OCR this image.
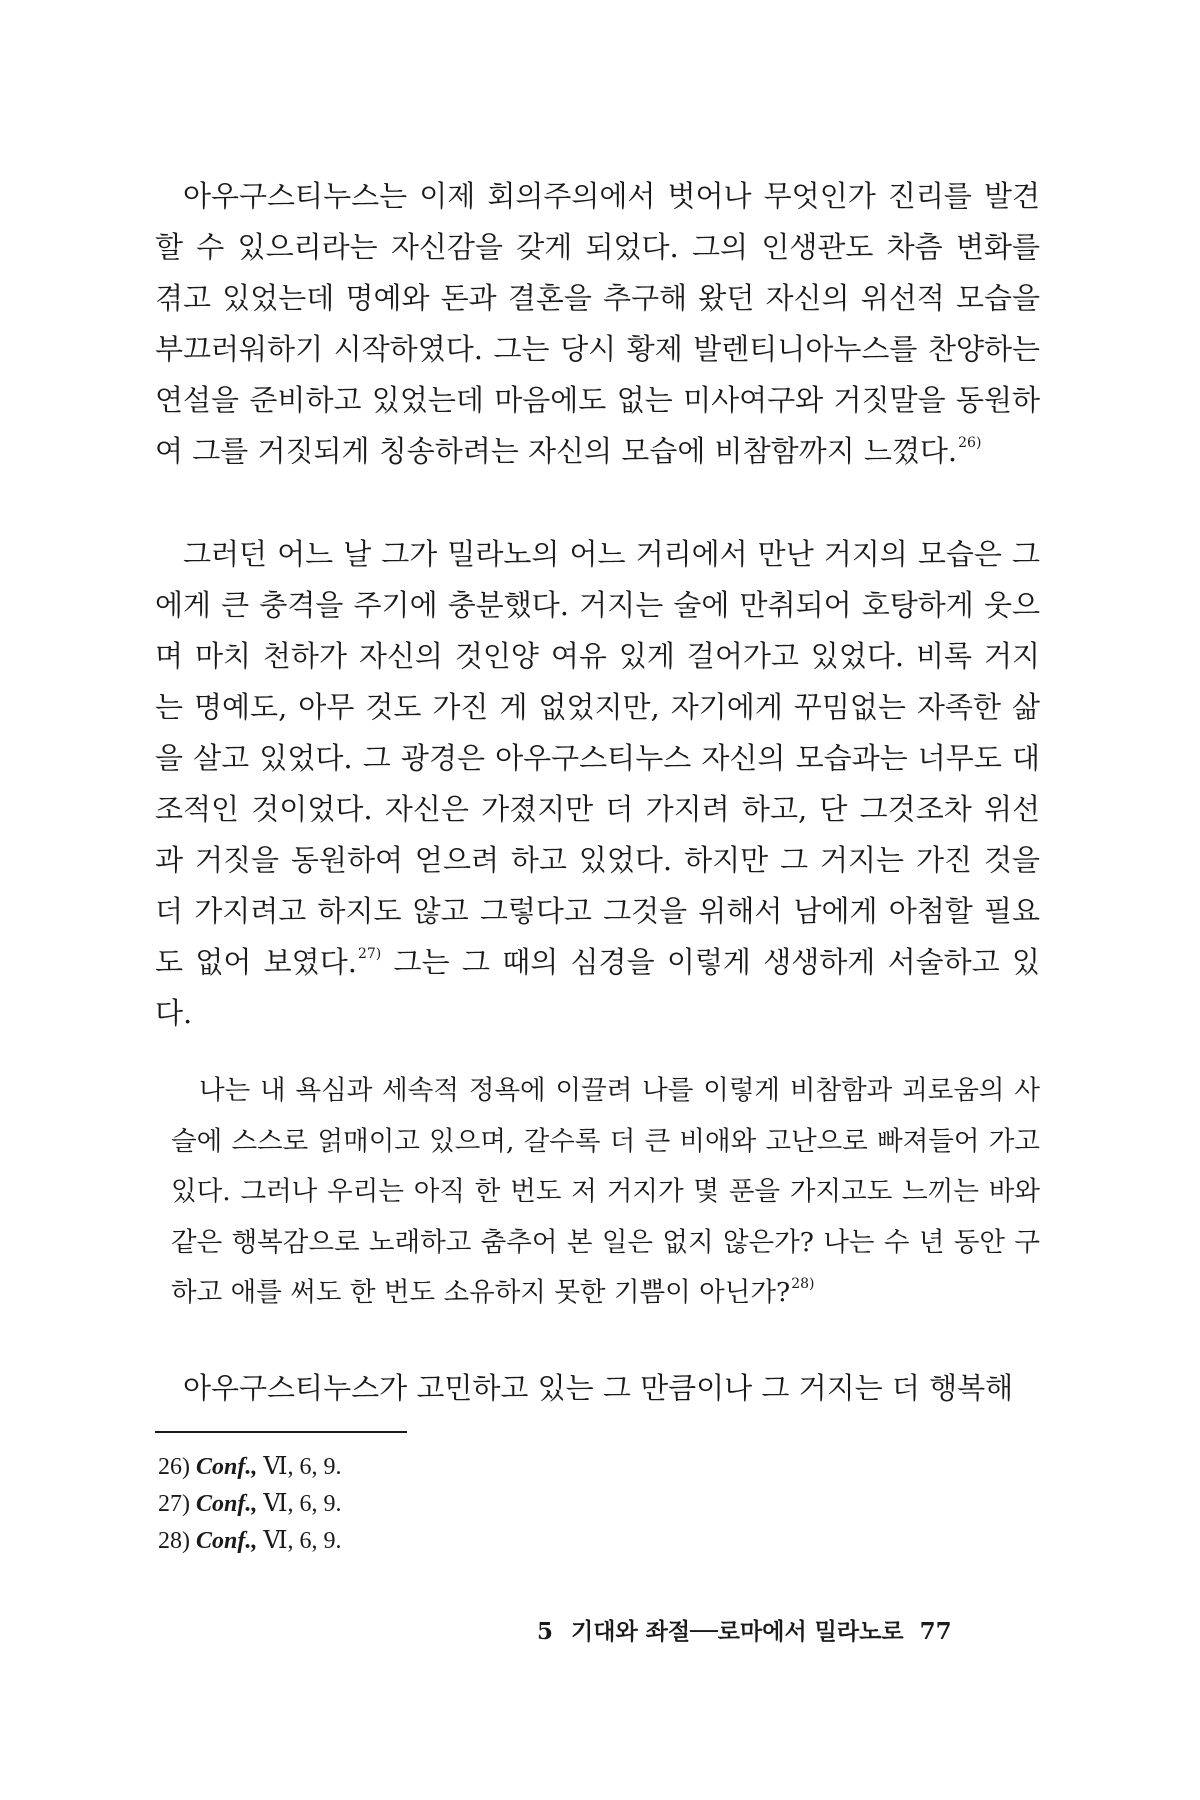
아우구스티누스는 이제 회의주의에서 벗어나 무엇인가 진리를 발견할 수 있으리라는 자신감을 갖게 되었다. 그의 인생관도 차츰 변화를 겪고 있었는데 명예와 돈과 결혼을 추구해 왔던 자신의 위선적 모습을 부끄러워하기 시작하였다. 그는 당시 황제 발렌티니아누스를 찬양하는 연설을 준비하고 있었는데 마음에도 없는 미사여구와 거짓말을 동원하여 그를 거짓되게 칭송하려는 자신의 모습에 비참함까지 느꼈다.$^{26)}$

그러던 어느 날 그가 밀라노의 어느 거리에서 만난 거지의 모습은 그에게 큰 충격을 주기에 충분했다. 거지는 술에 만취되어 호탕하게 웃으며 마치 천하가 자신의 것인양 여유 있게 걸어가고 있었다. 비록 거지는 명예도, 아무 것도 가진 게 없었지만, 자기에게 꾸밈없는 자족한 삶을 살고 있었다. 그 광경은 아우구스티누스 자신의 모습과는 너무도 대조적인 것이었다. 자신은 가졌지만 더 가지려 하고, 단 그것조차 위선과 거짓을 동원하여 얻으려 하고 있었다. 하지만 그 거지는 가진 것을 더 가지려고 하지도 않고 그렇다고 그것을 위해서 남에게 아첨할 필요도 없어 보였다.$^{27)}$ 그는 그 때의 심경을 이렇게 생생하게 서술하고 있다.

나는 내 욕심과 세속적 정욕에 이끌려 나를 이렇게 비참함과 괴로움의 사슬에 스스로 얽매이고 있으며, 갈수록 더 큰 비애와 고난으로 빠져들어 가고 있다. 그러나 우리는 아직 한 번도 저 거지가 몇 푼을 가지고도 느끼는 바와 같은 행복감으로 노래하고 춤추어 본 일은 없지 않은가? 나는 수 년 동안 구하고 애를 써도 한 번도 소유하지 못한 기쁨이 아닌가?$^{28)}$

아우구스티누스가 고민하고 있는 그 만큼이나 그 거지는 더 행복해

26) Conf., Ⅵ, 6, 9.
27) Conf., Ⅵ, 6, 9.
28) Conf., Ⅵ, 6, 9.
5 기대와 좌절──로마에서 밀라노로 77
